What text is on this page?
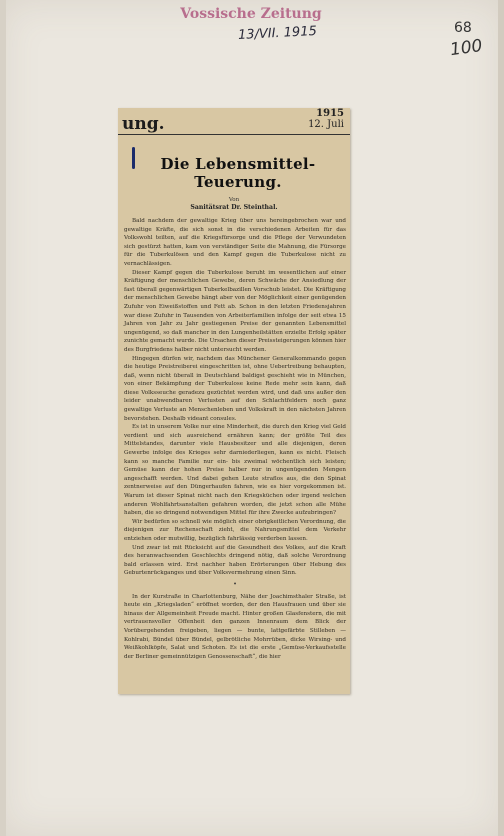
Vossische Zeitung
13/VII. 1915	68
100
ung.
1915
12. Juli
Die Lebensmittel-Teuerung.
Von
Sanitätsrat Dr. Steinthal.

Bald nachdem der gewaltige Krieg über uns hereingebrochen war und gewaltige Kräfte, die sich sonst in die verschiedenen Arbeiten für das Volkswohl teilten, auf die Kriegsfürsorge und die Pflege der Verwundeten sich gestürzt hatten, kam von verständiger Seite die Mahnung, die Fürsorge für die Tuberkulösen und den Kampf gegen die Tuberkulose nicht zu vernachlässigen.

Dieser Kampf gegen die Tuberkulose beruht im wesentlichen auf einer Kräftigung der menschlichen Gewebe, deren Schwäche der Ansiedlung der fast überall gegenwärtigen Tuberkelbazillen Vorschub leistet. Die Kräftigung der menschlichen Gewebe hängt aber von der Möglichkeit einer genügenden Zufuhr von Eiweißstoffen und Fett ab. Schon in den letzten Friedensjahren war diese Zufuhr in Tausenden von Arbeiterfamilien infolge der seit etwa 15 Jahren von Jahr zu Jahr gestiegenen Preise der genannten Lebensmittel ungenügend, so daß mancher in den Lungenheilstätten erzielte Erfolg später zunichte gemacht wurde. Die Ursachen dieser Preissteigerungen können hier des Burgfriedens halber nicht untersucht werden.

Hingegen dürfen wir, nachdem das Münchener Generalkommando gegen die heutige Preistreiberei eingeschritten ist, ohne Uebertreibung behaupten, daß, wenn nicht überall in Deutschland baldigst geschieht wie in München, von einer Bekämpfung der Tuberkulose keine Rede mehr sein kann, daß diese Volksseuche geradezu gezüchtet werden wird, und daß uns außer den leider unabwendbaren Verlusten auf den Schlachtfeldern noch ganz gewaltige Verluste an Menschenleben und Volkskraft in den nächsten Jahren bevorstehen. Deshalb videant consules.

Es ist in unserem Volke nur eine Minderheit, die durch den Krieg viel Geld verdient und sich ausreichend ernähren kann; der größte Teil des Mittelstandes, darunter viele Hausbesitzer und alle diejenigen, deren Gewerbe infolge des Krieges sehr darniederliegen, kann es nicht. Fleisch kann so manche Familie nur ein- bis zweimal wöchentlich sich leisten; Gemüse kann der hohen Preise halber nur in ungenügenden Mengen angeschafft werden. Und dabei gehen Leute straflos aus, die den Spinat zentnerweise auf den Düngerhaufen fahren, wie es hier vorgekommen ist. Warum ist dieser Spinat nicht nach den Kriegsküchen oder irgend welchen anderen Wohlfahrtsanstalten gefahren worden, die jetzt schon alle Mühe haben, die so dringend notwendigen Mittel für ihre Zwecke aufzubringen?

Wir bedürfen so schnell wie möglich einer obrigkeitlichen Verordnung, die diejenigen zur Rechenschaft zieht, die Nahrungsmittel dem Verkehr entziehen oder mutwillig, bezüglich fahrlässig verderben lassen.

Und zwar ist mit Rücksicht auf die Gesundheit des Volkes, auf die Kraft des heranwachsenden Geschlechts dringend nötig, daß solche Verordnung bald erlassen wird. Erst nachher haben Erörterungen über Hebung des Geburtenrückganges und über Volksvermehrung einen Sinn.

•

In der Kurstraße in Charlottenburg, Nähe der Joachimsthaler Straße, ist heute ein „Kriegsladen“ eröffnet worden, der den Hausfrauen und über sie hinaus der Allgemeinheit Freude macht. Hinter großen Glasfenstern, die mit vertrauensvoller Offenheit den ganzen Innenraum dem Blick der Vorübergehenden freigeben, liegen — bunte, lattgefärbte Stilleben — Kohlrabi, Bündel über Bündel, gelbrötliche Mohrrüben, dicke Wirsing- und Weißkohlköpfe, Salat und Schoten. Es ist die erste „Gemüse-Verkaufsstelle der Berliner gemeinnützigen Genossenschaft“, die hier
